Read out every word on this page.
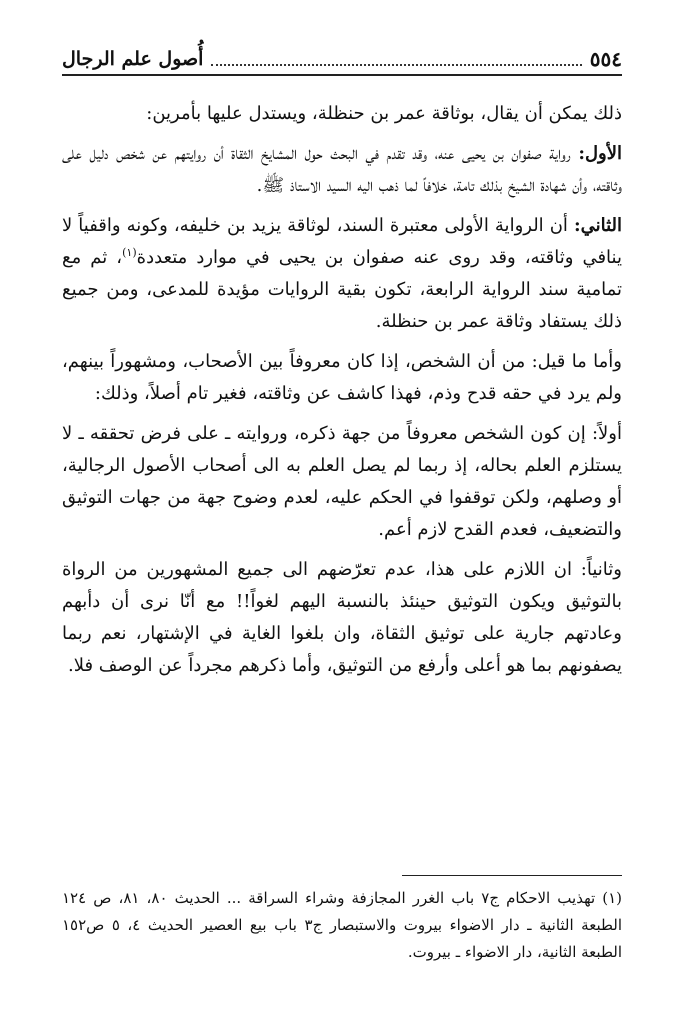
٥٥٤
أُصول علم الرجال

ذلك يمكن أن يقال، بوثاقة عمر بن حنظلة، ويستدل عليها بأمرين:

الأول: رواية صفوان بن يحيى عنه، وقد تقدم في البحث حول المشايخ الثقاة أن روايتهم عن شخص دليل على وثاقته، وأن شهادة الشيخ بذلك تامة، خلافاً لما ذهب اليه السيد الاستاذ ﷺ.

الثاني: أن الرواية الأولى معتبرة السند، لوثاقة يزيد بن خليفه، وكونه واقفياً لا ينافي وثاقته، وقد روى عنه صفوان بن يحيى في موارد متعددة$^{(١)}$، ثم مع تمامية سند الرواية الرابعة، تكون بقية الروايات مؤيدة للمدعى، ومن جميع ذلك يستفاد وثاقة عمر بن حنظلة.

وأما ما قيل: من أن الشخص، إذا كان معروفاً بين الأصحاب، ومشهوراً بينهم، ولم يرد في حقه قدح وذم، فهذا كاشف عن وثاقته، فغير تام أصلاً، وذلك:

أولاً: إن كون الشخص معروفاً من جهة ذكره، وروايته ـ على فرض تحققه ـ لا يستلزم العلم بحاله، إذ ربما لم يصل العلم به الى أصحاب الأصول الرجالية، أو وصلهم، ولكن توقفوا في الحكم عليه، لعدم وضوح جهة من جهات التوثيق والتضعيف، فعدم القدح لازم أعم.

وثانياً: ان اللازم على هذا، عدم تعرّضهم الى جميع المشهورين من الرواة بالتوثيق ويكون التوثيق حينئذ بالنسبة اليهم لغواً!! مع أنّا نرى أن دأبهم وعادتهم جارية على توثيق الثقاة، وان بلغوا الغاية في الإشتهار، نعم ربما يصفونهم بما هو أعلى وأرفع من التوثيق، وأما ذكرهم مجرداً عن الوصف فلا.

(١) تهذيب الاحكام ج٧ باب الغرر المجازفة وشراء السراقة ... الحديث ٨٠، ٨١، ص ١٢٤ الطبعة الثانية ـ دار الاضواء بيروت والاستبصار ج٣ باب بيع العصير الحديث ٤، ٥ ص١٥٢ الطبعة الثانية، دار الاضواء ـ بيروت.
